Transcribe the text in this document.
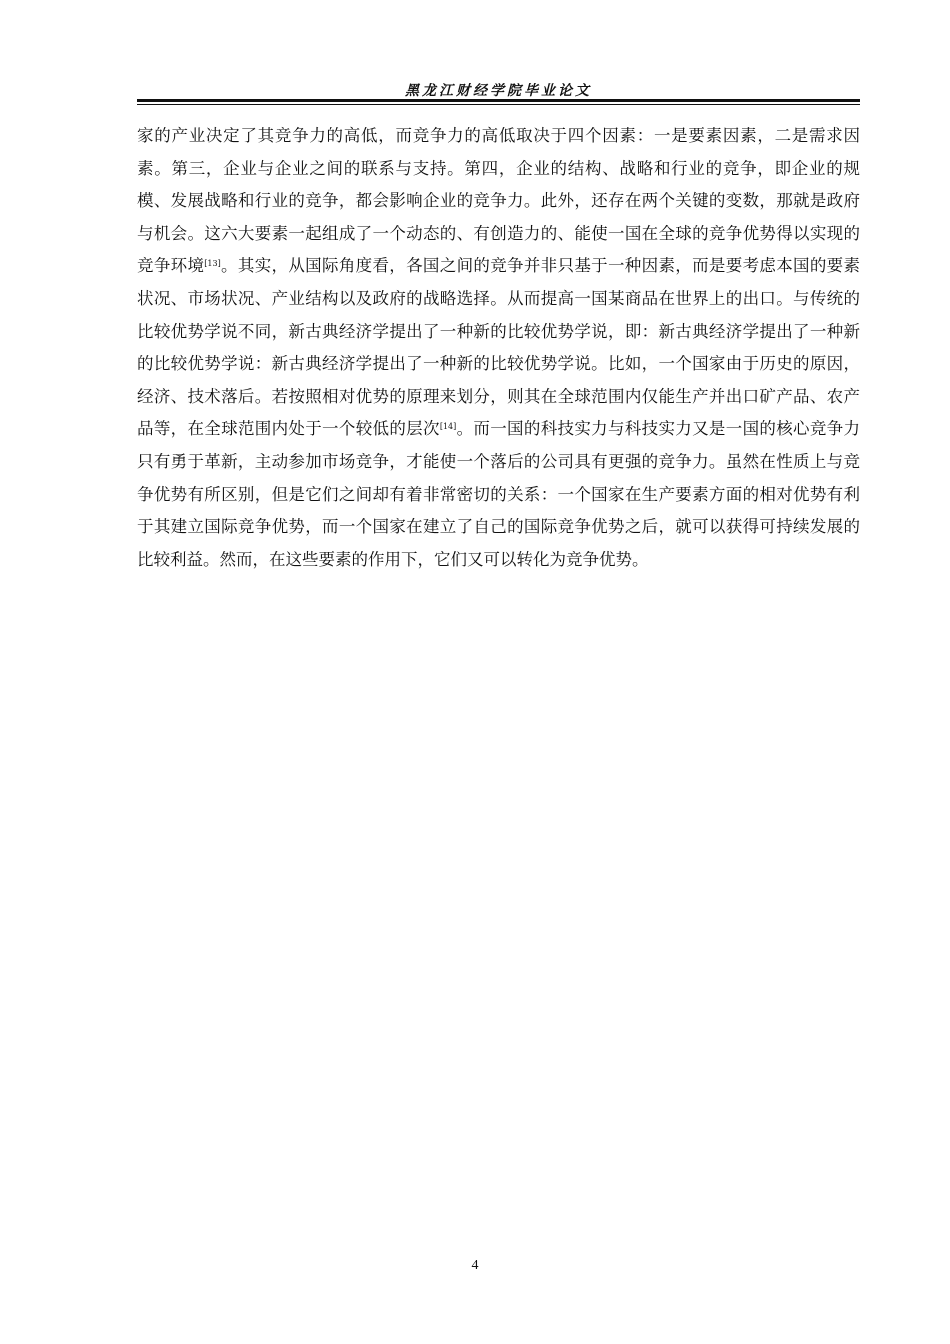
黑龙江财经学院毕业论文

家的产业决定了其竞争力的高低，而竞争力的高低取决于四个因素：一是要素因素，二是需求因素。第三，企业与企业之间的联系与支持。第四，企业的结构、战略和行业的竞争，即企业的规模、发展战略和行业的竞争，都会影响企业的竞争力。此外，还存在两个关键的变数，那就是政府与机会。这六大要素一起组成了一个动态的、有创造力的、能使一国在全球的竞争优势得以实现的竞争环境[13]。其实，从国际角度看，各国之间的竞争并非只基于一种因素，而是要考虑本国的要素状况、市场状况、产业结构以及政府的战略选择。从而提高一国某商品在世界上的出口。与传统的比较优势学说不同，新古典经济学提出了一种新的比较优势学说，即：新古典经济学提出了一种新的比较优势学说：新古典经济学提出了一种新的比较优势学说。比如，一个国家由于历史的原因，经济、技术落后。若按照相对优势的原理来划分，则其在全球范围内仅能生产并出口矿产品、农产品等，在全球范围内处于一个较低的层次[14]。而一国的科技实力与科技实力又是一国的核心竞争力只有勇于革新，主动参加市场竞争，才能使一个落后的公司具有更强的竞争力。虽然在性质上与竞争优势有所区别，但是它们之间却有着非常密切的关系：一个国家在生产要素方面的相对优势有利于其建立国际竞争优势，而一个国家在建立了自己的国际竞争优势之后，就可以获得可持续发展的比较利益。然而，在这些要素的作用下，它们又可以转化为竞争优势。

4
